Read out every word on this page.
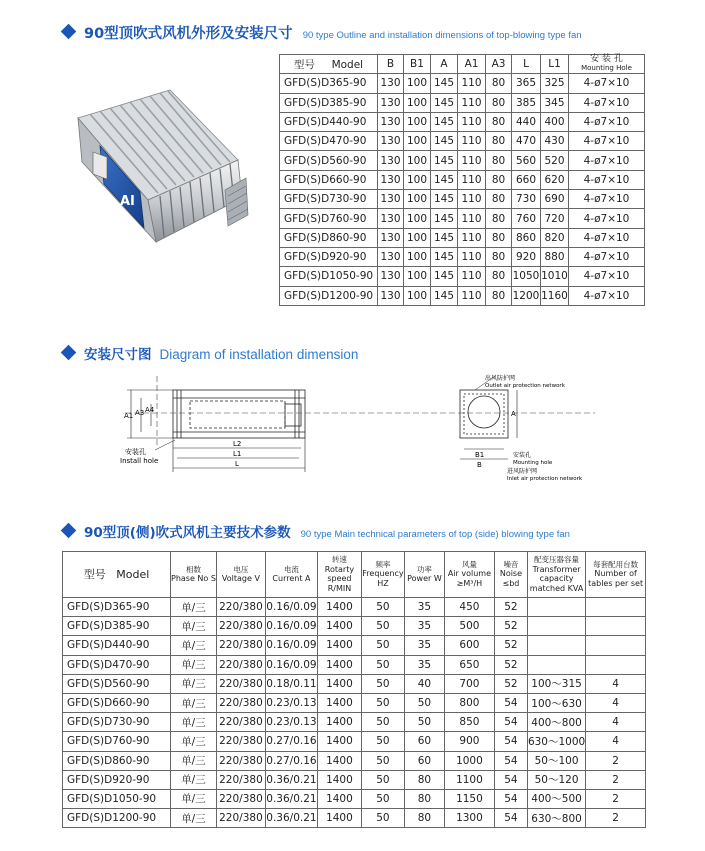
90型顶吹式风机外形及安装尺寸 90 type Outline and installation dimensions of top-blowing type fan
AI
型号 Model	B	B1	A	A1	A3	L	L1	安 装 孔
Mounting Hole

GFD(S)D365-90	130	100	145	110	80	365	325	4-ø7×10
GFD(S)D385-90	130	100	145	110	80	385	345	4-ø7×10
GFD(S)D440-90	130	100	145	110	80	440	400	4-ø7×10
GFD(S)D470-90	130	100	145	110	80	470	430	4-ø7×10
GFD(S)D560-90	130	100	145	110	80	560	520	4-ø7×10
GFD(S)D660-90	130	100	145	110	80	660	620	4-ø7×10
GFD(S)D730-90	130	100	145	110	80	730	690	4-ø7×10
GFD(S)D760-90	130	100	145	110	80	760	720	4-ø7×10
GFD(S)D860-90	130	100	145	110	80	860	820	4-ø7×10
GFD(S)D920-90	130	100	145	110	80	920	880	4-ø7×10
GFD(S)D1050-90	130	100	145	110	80	1050	1010	4-ø7×10
GFD(S)D1200-90	130	100	145	110	80	1200	1160	4-ø7×10
安装尺寸图 Diagram of installation dimension
A1 A3 A4
L2
L1
L
安装孔
Install hole
出风防护网
Outlet air protection network
A
B1
B
安装孔
Mounting hole
进风防护网
Inlet air protection network
90型顶(侧)吹式风机主要技术参数 90 type Main technical parameters of top (side) blowing type fan
型号 Model	相数
Phase No S	电压
Voltage V	电流
Current A	转速
Rotarty speed R/MIN	频率
Frequency HZ	功率
Power W	风量
Air volume ≥M³/H	噪音
Noise ≤bd	配变压器容量
Transformer capacity matched KVA	每套配用台数
Number of tables per set
GFD(S)D365-90	单/三	220/380	0.16/0.09	1400	50	35	450	52		
GFD(S)D385-90	单/三	220/380	0.16/0.09	1400	50	35	500	52		
GFD(S)D440-90	单/三	220/380	0.16/0.09	1400	50	35	600	52		
GFD(S)D470-90	单/三	220/380	0.16/0.09	1400	50	35	650	52		
GFD(S)D560-90	单/三	220/380	0.18/0.11	1400	50	40	700	52	100～315	4
GFD(S)D660-90	单/三	220/380	0.23/0.13	1400	50	50	800	54	100～630	4
GFD(S)D730-90	单/三	220/380	0.23/0.13	1400	50	50	850	54	400～800	4
GFD(S)D760-90	单/三	220/380	0.27/0.16	1400	50	60	900	54	630～1000	4
GFD(S)D860-90	单/三	220/380	0.27/0.16	1400	50	60	1000	54	50～100	2
GFD(S)D920-90	单/三	220/380	0.36/0.21	1400	50	80	1100	54	50～120	2
GFD(S)D1050-90	单/三	220/380	0.36/0.21	1400	50	80	1150	54	400～500	2
GFD(S)D1200-90	单/三	220/380	0.36/0.21	1400	50	80	1300	54	630～800	2
